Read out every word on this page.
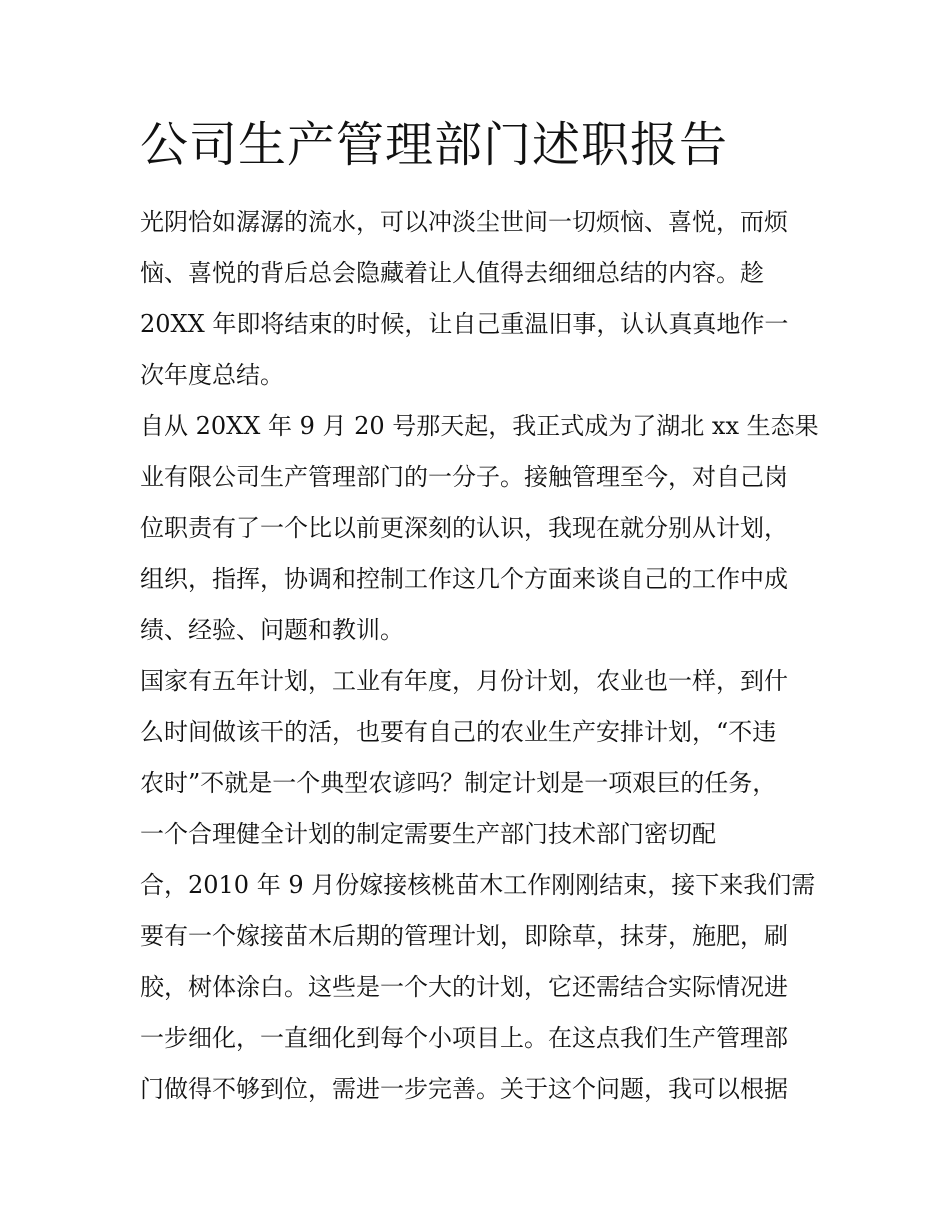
公司生产管理部门述职报告
光阴恰如潺潺的流水，可以冲淡尘世间一切烦恼、喜悦，而烦
恼、喜悦的背后总会隐藏着让人值得去细细总结的内容。趁
20XX 年即将结束的时候，让自己重温旧事，认认真真地作一
次年度总结。
自从 20XX 年 9 月 20 号那天起，我正式成为了湖北 xx 生态果
业有限公司生产管理部门的一分子。接触管理至今，对自己岗
位职责有了一个比以前更深刻的认识，我现在就分别从计划，
组织，指挥，协调和控制工作这几个方面来谈自己的工作中成
绩、经验、问题和教训。
国家有五年计划，工业有年度，月份计划，农业也一样，到什
么时间做该干的活，也要有自己的农业生产安排计划，“不违
农时”不就是一个典型农谚吗？制定计划是一项艰巨的任务，
一个合理健全计划的制定需要生产部门技术部门密切配
合，2010 年 9 月份嫁接核桃苗木工作刚刚结束，接下来我们需
要有一个嫁接苗木后期的管理计划，即除草，抹芽，施肥，刷
胶，树体涂白。这些是一个大的计划，它还需结合实际情况进
一步细化，一直细化到每个小项目上。在这点我们生产管理部
门做得不够到位，需进一步完善。关于这个问题，我可以根据
